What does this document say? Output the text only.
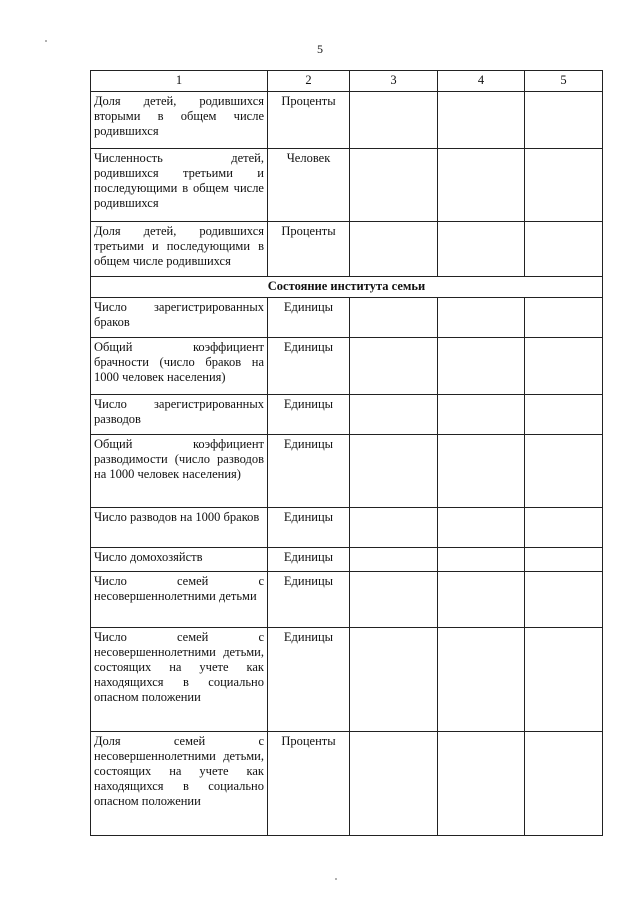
5
1	2	3	4	5
Доля детей, родившихся вторыми в общем числе родившихся	Проценты			
Численность детей, родившихся третьими и последующими в общем числе родившихся	Человек			
Доля детей, родившихся третьими и последующими в общем числе родившихся	Проценты			
Состояние института семьи				
Число зарегистрированных браков	Единицы			
Общий коэффициент брачности (число браков на 1000 человек населения)	Единицы			
Число зарегистрированных разводов	Единицы			
Общий коэффициент разводимости (число разводов на 1000 человек населения)	Единицы			
Число разводов на 1000 браков	Единицы			
Число домохозяйств	Единицы			
Число семей с несовершеннолетними детьми	Единицы			
Число семей с несовершеннолетними детьми, состоящих на учете как находящихся в социально опасном положении	Единицы			
Доля семей с несовершеннолетними детьми, состоящих на учете как находящихся в социально опасном положении	Проценты			
